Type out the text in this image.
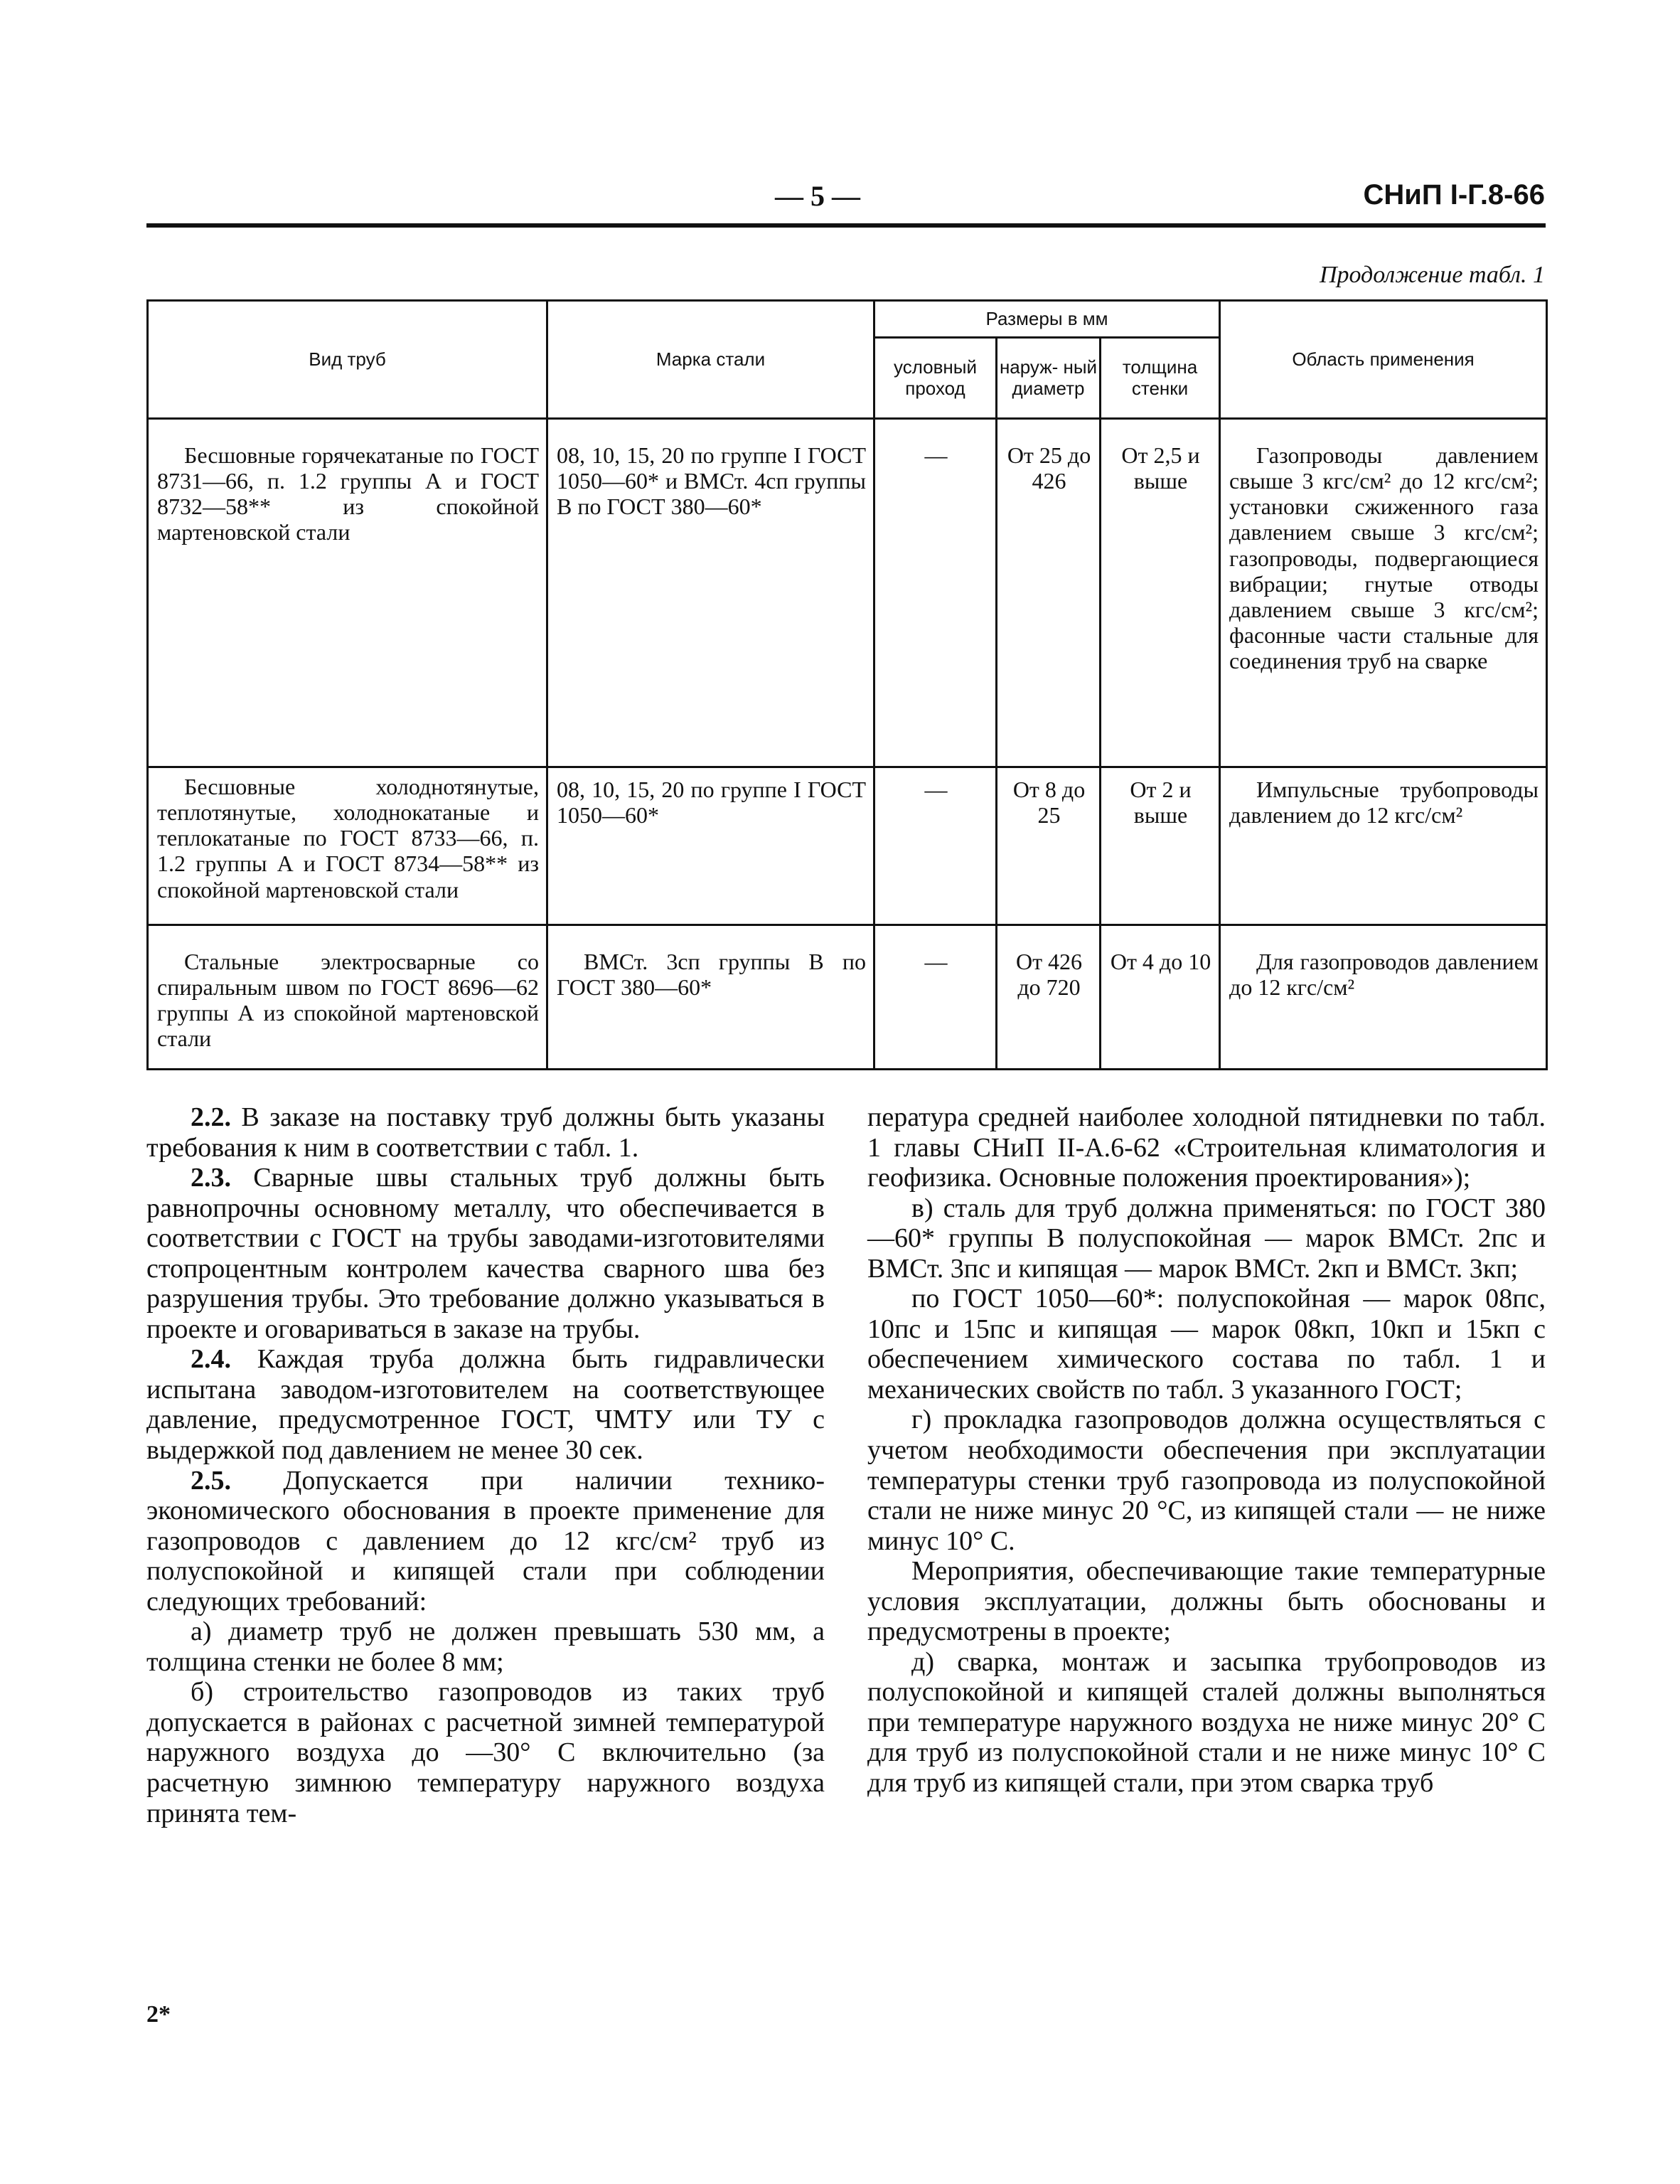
— 5 —	СНиП І-Г.8-66
Продолжение табл. 1
Вид труб	Марка стали	Размеры в мм			Область применения
		условный проход	наруж- ный диаметр	толщина стенки	
Бесшовные горячекатаные по ГОСТ 8731—66, п. 1.2 группы А и ГОСТ 8732—58** из спокойной мартеновской стали	08, 10, 15, 20 по группе I ГОСТ 1050—60* и ВМСт. 4сп группы В по ГОСТ 380—60*	—	От 25 до 426	От 2,5 и выше	Газопроводы давлением свыше 3 кгс/см² до 12 кгс/см²; установки сжиженного газа давлением свыше 3 кгс/см²; газопроводы, подвергающиеся вибрации; гнутые отводы давлением свыше 3 кгс/см²; фасонные части стальные для соединения труб на сварке
Бесшовные холоднотянутые, теплотянутые, холоднокатаные и теплокатаные по ГОСТ 8733—66, п. 1.2 группы А и ГОСТ 8734—58** из спокойной мартеновской стали	08, 10, 15, 20 по группе I ГОСТ 1050—60*	—	От 8 до 25	От 2 и выше	Импульсные трубопроводы давлением до 12 кгс/см²
Стальные электросварные со спиральным швом по ГОСТ 8696—62 группы А из спокойной мартеновской стали	ВМСт. 3сп группы В по ГОСТ 380—60*	—	От 426 до 720	От 4 до 10	Для газопроводов давлением до 12 кгс/см²

2.2. В заказе на поставку труб должны быть указаны требования к ним в соответствии с табл. 1.

2.3. Сварные швы стальных труб должны быть равнопрочны основному металлу, что обеспечивается в соответствии с ГОСТ на трубы заводами-изготовителями стопроцентным контролем качества сварного шва без разрушения трубы. Это требование должно указываться в проекте и оговариваться в заказе на трубы.

2.4. Каждая труба должна быть гидравлически испытана заводом-изготовителем на соответствующее давление, предусмотренное ГОСТ, ЧМТУ или ТУ с выдержкой под давлением не менее 30 сек.

2.5. Допускается при наличии технико-экономического обоснования в проекте применение для газопроводов с давлением до 12 кгс/см² труб из полуспокойной и кипящей стали при соблюдении следующих требований:

а) диаметр труб не должен превышать 530 мм, а толщина стенки не более 8 мм;

б) строительство газопроводов из таких труб допускается в районах с расчетной зимней температурой наружного воздуха до —30° С включительно (за расчетную зимнюю температуру наружного воздуха принята тем-

пература средней наиболее холодной пятидневки по табл. 1 главы СНиП II-А.6-62 «Строительная климатология и геофизика. Основные положения проектирования»);

в) сталь для труб должна применяться: по ГОСТ 380—60* группы В полуспокойная — марок ВМСт. 2пс и ВМСт. 3пс и кипящая — марок ВМСт. 2кп и ВМСт. 3кп;

по ГОСТ 1050—60*: полуспокойная — марок 08пс, 10пс и 15пс и кипящая — марок 08кп, 10кп и 15кп с обеспечением химического состава по табл. 1 и механических свойств по табл. 3 указанного ГОСТ;

г) прокладка газопроводов должна осуществляться с учетом необходимости обеспечения при эксплуатации температуры стенки труб газопровода из полуспокойной стали не ниже минус 20 °С, из кипящей стали — не ниже минус 10° С.

Мероприятия, обеспечивающие такие температурные условия эксплуатации, должны быть обоснованы и предусмотрены в проекте;

д) сварка, монтаж и засыпка трубопроводов из полуспокойной и кипящей сталей должны выполняться при температуре наружного воздуха не ниже минус 20° С для труб из полуспокойной стали и не ниже минус 10° С для труб из кипящей стали, при этом сварка труб

2*
